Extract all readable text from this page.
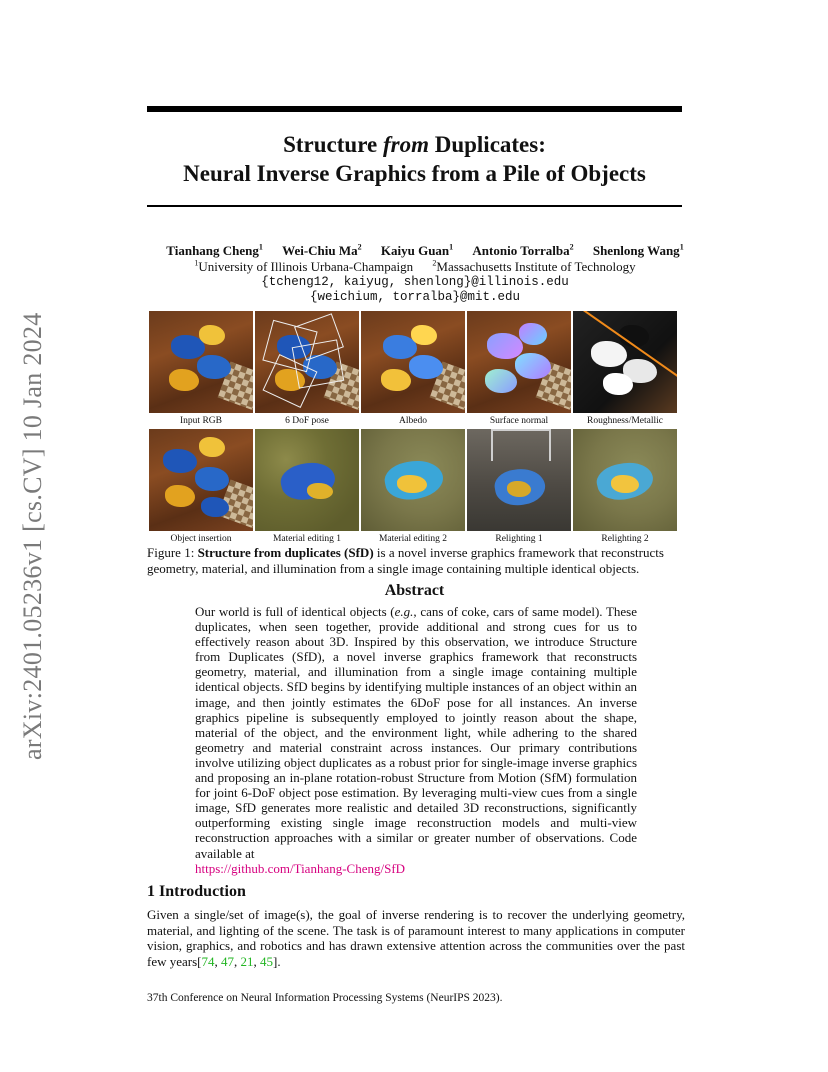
arXiv:2401.05236v1 [cs.CV] 10 Jan 2024
Structure from Duplicates:
Neural Inverse Graphics from a Pile of Objects
Tianhang Cheng$^1$ Wei-Chiu Ma$^2$ Kaiyu Guan$^1$ Antonio Torralba$^2$ Shenlong Wang$^1$
$^1$University of Illinois Urbana-Champaign $^2$Massachusetts Institute of Technology
{tcheng12, kaiyug, shenlong}@illinois.edu
{weichium, torralba}@mit.edu
Input RGB	6 DoF pose	Albedo	Surface normal	Roughness/Metallic
Object insertion	Material editing 1	Material editing 2	Relighting 1	Relighting 2
Figure 1: Structure from duplicates (SfD) is a novel inverse graphics framework that reconstructs geometry, material, and illumination from a single image containing multiple identical objects.
Abstract
Our world is full of identical objects (e.g., cans of coke, cars of same model). These duplicates, when seen together, provide additional and strong cues for us to effectively reason about 3D. Inspired by this observation, we introduce Structure from Duplicates (SfD), a novel inverse graphics framework that reconstructs geometry, material, and illumination from a single image containing multiple identical objects. SfD begins by identifying multiple instances of an object within an image, and then jointly estimates the 6DoF pose for all instances. An inverse graphics pipeline is subsequently employed to jointly reason about the shape, material of the object, and the environment light, while adhering to the shared geometry and material constraint across instances. Our primary contributions involve utilizing object duplicates as a robust prior for single-image inverse graphics and proposing an in-plane rotation-robust Structure from Motion (SfM) formulation for joint 6-DoF object pose estimation. By leveraging multi-view cues from a single image, SfD generates more realistic and detailed 3D reconstructions, significantly outperforming existing single image reconstruction models and multi-view reconstruction approaches with a similar or greater number of observations. Code available at
https://github.com/Tianhang-Cheng/SfD
1 Introduction
Given a single/set of image(s), the goal of inverse rendering is to recover the underlying geometry, material, and lighting of the scene. The task is of paramount interest to many applications in computer vision, graphics, and robotics and has drawn extensive attention across the communities over the past few years[74, 47, 21, 45].
37th Conference on Neural Information Processing Systems (NeurIPS 2023).
